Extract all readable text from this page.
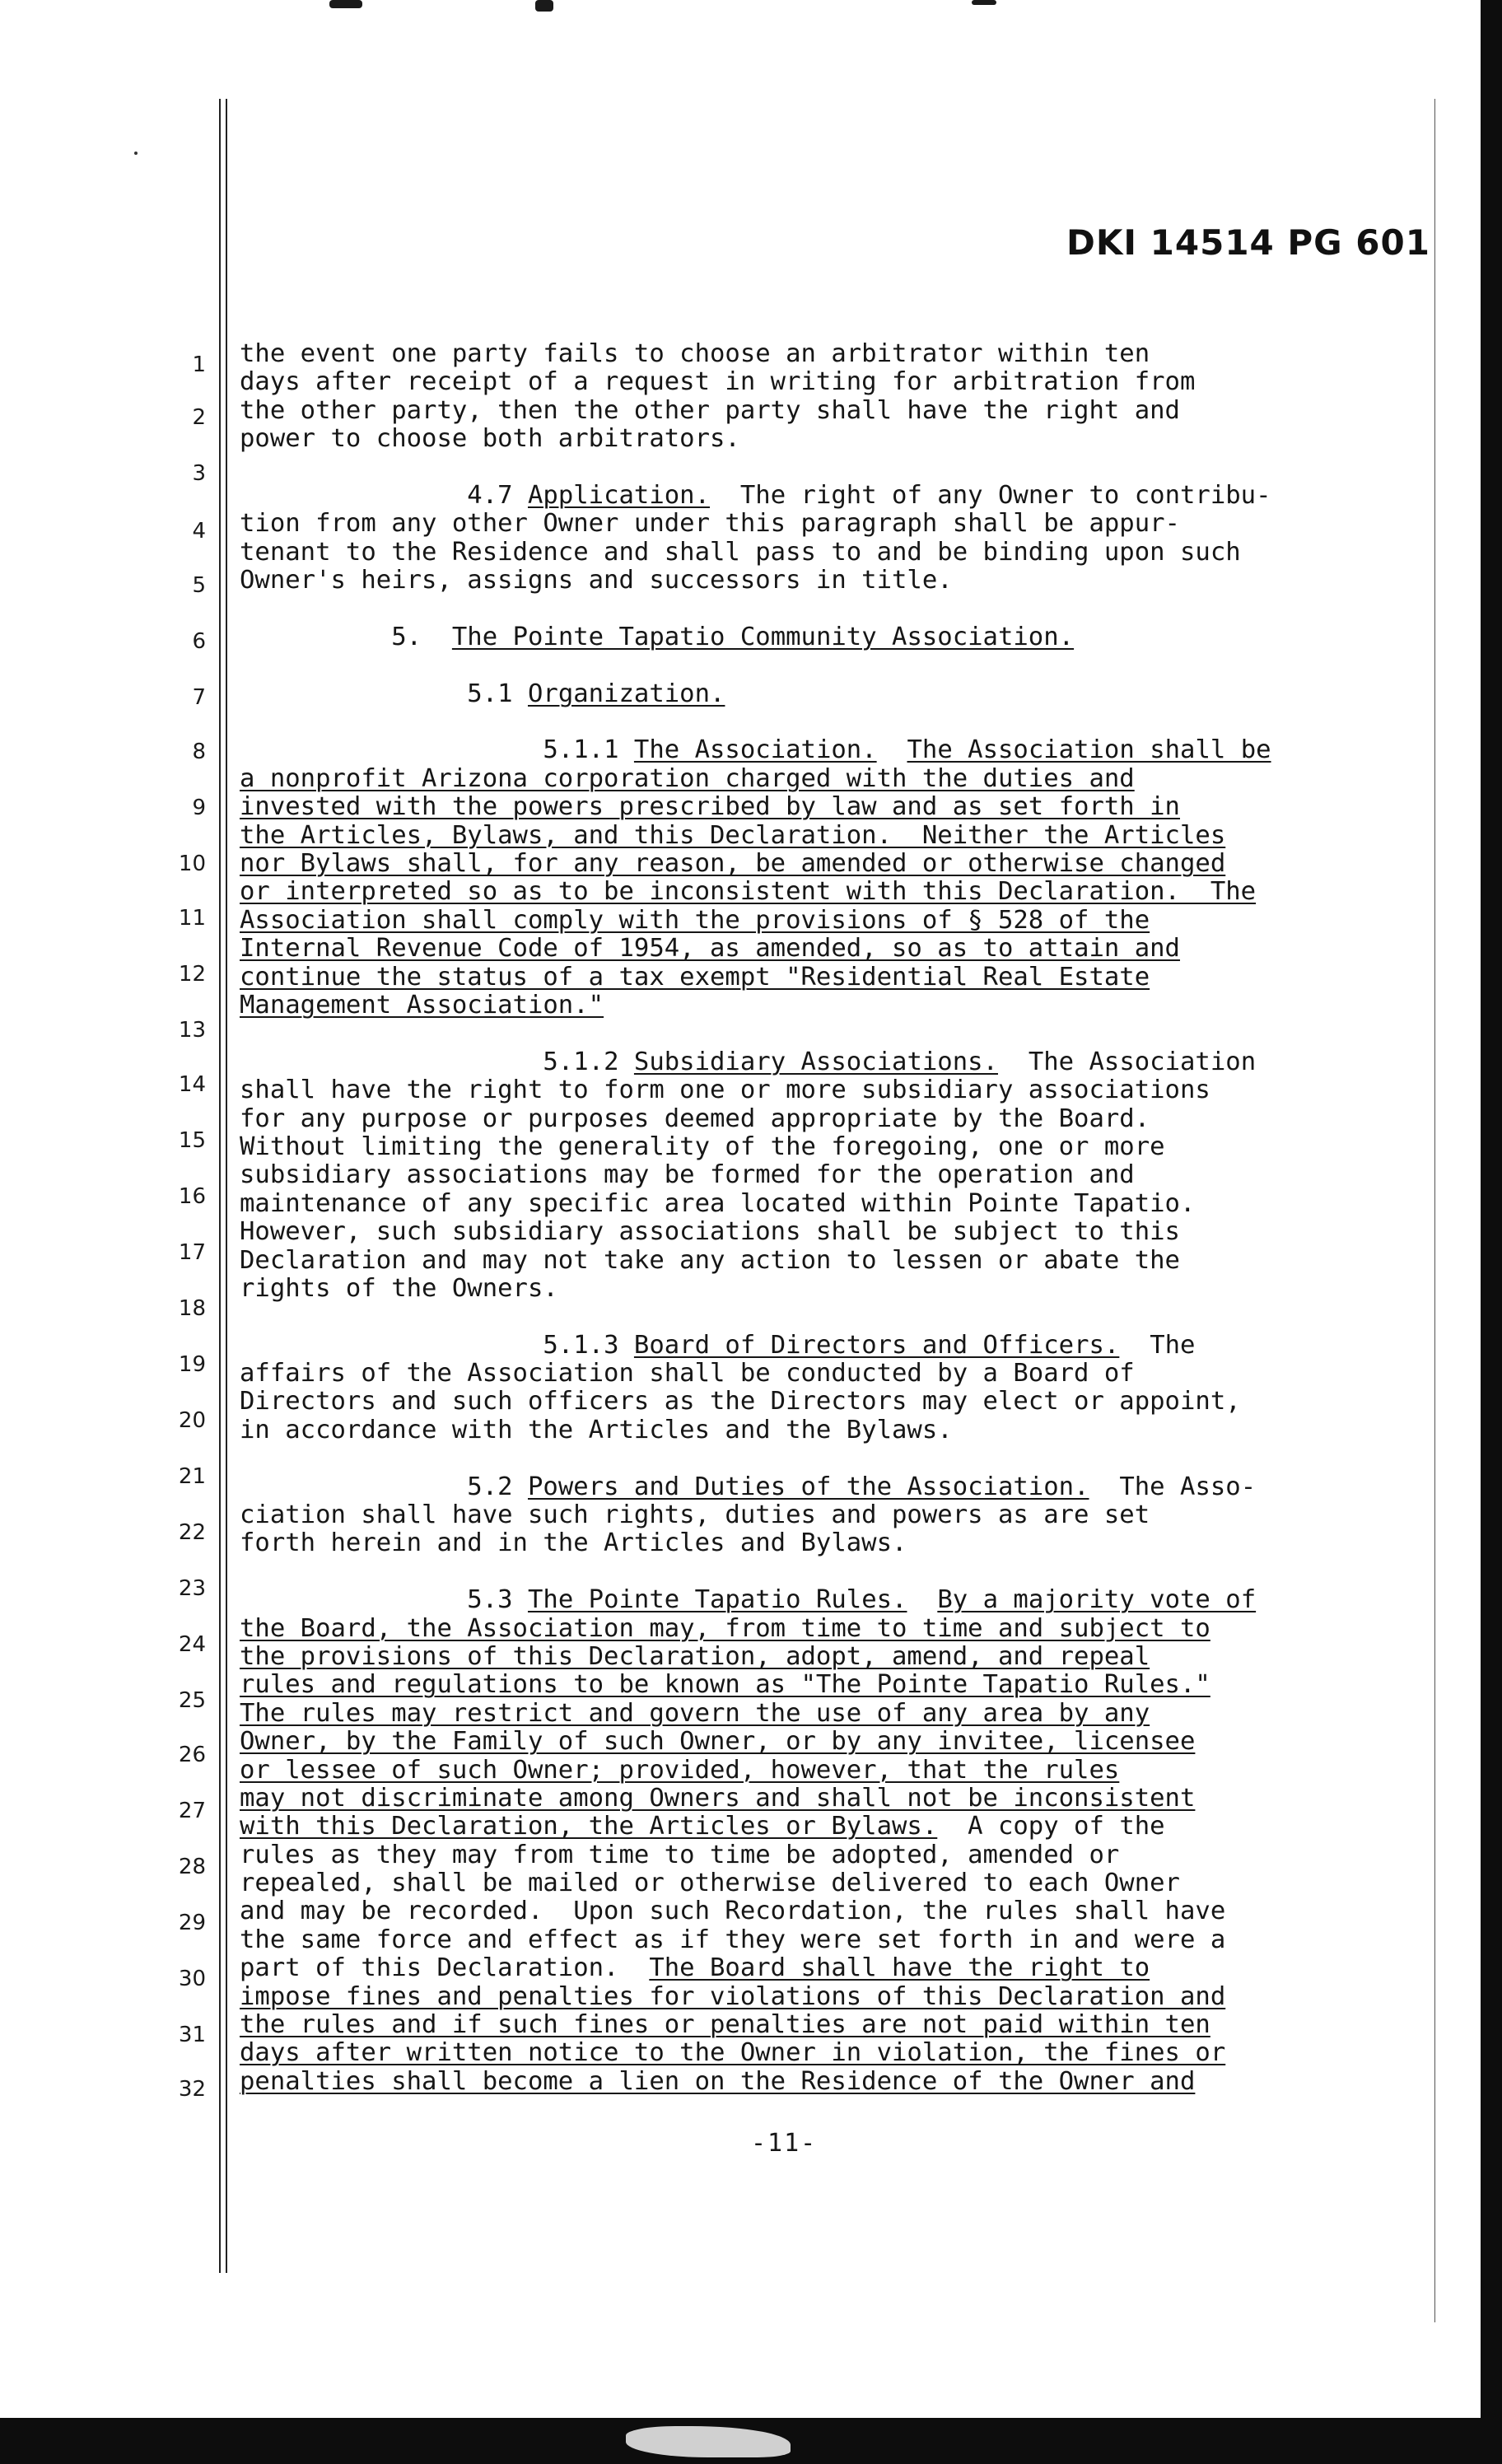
DKI 14514 PG 601
1
2
3
4
5
6
7
8
9
10
11
12
13
14
15
16
17
18
19
20
21
22
23
24
25
26
27
28
29
30
31
32
the event one party fails to choose an arbitrator within ten
days after receipt of a request in writing for arbitration from
the other party, then the other party shall have the right and
power to choose both arbitrators.
4.7 Application. The right of any Owner to contribu-
tion from any other Owner under this paragraph shall be appur-
tenant to the Residence and shall pass to and be binding upon such
Owner's heirs, assigns and successors in title.
5. The Pointe Tapatio Community Association.
5.1 Organization.
5.1.1 The Association. The Association shall be
a nonprofit Arizona corporation charged with the duties and
invested with the powers prescribed by law and as set forth in
the Articles, Bylaws, and this Declaration.  Neither the Articles
nor Bylaws shall, for any reason, be amended or otherwise changed
or interpreted so as to be inconsistent with this Declaration.  The
Association shall comply with the provisions of § 528 of the
Internal Revenue Code of 1954, as amended, so as to attain and
continue the status of a tax exempt "Residential Real Estate
Management Association."
5.1.2 Subsidiary Associations. The Association
shall have the right to form one or more subsidiary associations
for any purpose or purposes deemed appropriate by the Board.
Without limiting the generality of the foregoing, one or more
subsidiary associations may be formed for the operation and
maintenance of any specific area located within Pointe Tapatio.
However, such subsidiary associations shall be subject to this
Declaration and may not take any action to lessen or abate the
rights of the Owners.
5.1.3 Board of Directors and Officers. The
affairs of the Association shall be conducted by a Board of
Directors and such officers as the Directors may elect or appoint,
in accordance with the Articles and the Bylaws.
5.2 Powers and Duties of the Association. The Asso-
ciation shall have such rights, duties and powers as are set
forth herein and in the Articles and Bylaws.
5.3 The Pointe Tapatio Rules. By a majority vote of
the Board, the Association may, from time to time and subject to
the provisions of this Declaration, adopt, amend, and repeal
rules and regulations to be known as "The Pointe Tapatio Rules."
The rules may restrict and govern the use of any area by any
Owner, by the Family of such Owner, or by any invitee, licensee
or lessee of such Owner; provided, however, that the rules
may not discriminate among Owners and shall not be inconsistent
with this Declaration, the Articles or Bylaws. A copy of the
rules as they may from time to time be adopted, amended or
repealed, shall be mailed or otherwise delivered to each Owner
and may be recorded.  Upon such Recordation, the rules shall have
the same force and effect as if they were set forth in and were a
part of this Declaration. The Board shall have the right to
impose fines and penalties for violations of this Declaration and
the rules and if such fines or penalties are not paid within ten
days after written notice to the Owner in violation, the fines or
penalties shall become a lien on the Residence of the Owner and
-11-
